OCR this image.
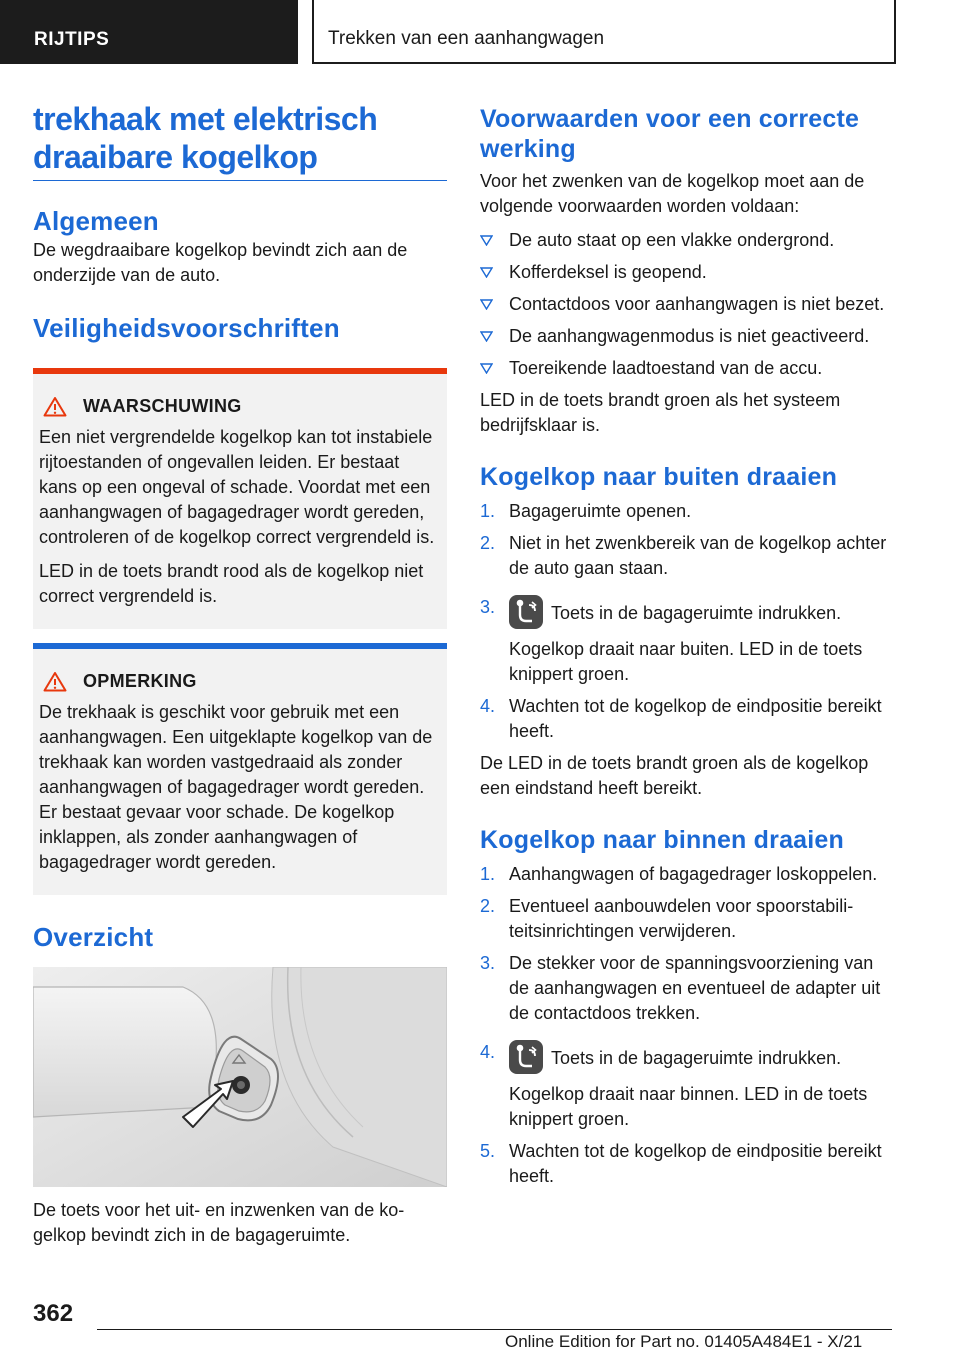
RIJTIPS	Trekken van een aanhangwagen
trekhaak met elektrisch
draaibare kogelkop
Algemeen

De wegdraaibare kogelkop bevindt zich aan de onderzijde van de auto.

Veiligheidsvoorschriften
WAARSCHUWING

Een niet vergrendelde kogelkop kan tot instabiele rijtoestanden of ongevallen leiden. Er bestaat kans op een ongeval of schade. Voordat met een aanhangwagen of bagagedrager wordt gereden, controleren of de kogelkop correct vergrendeld is.

LED in de toets brandt rood als de kogelkop niet correct vergrendeld is.

OPMERKING

De trekhaak is geschikt voor gebruik met een aanhangwagen. Een uitgeklapte kogelkop van de trekhaak kan worden vastgedraaid als zonder aanhangwagen of bagagedrager wordt gereden. Er bestaat gevaar voor schade. De kogelkop inklappen, als zonder aanhangwagen of bagagedrager wordt gereden.

Overzicht

De toets voor het uit- en inzwenken van de kogelkop bevindt zich in de bagageruimte.

Voorwaarden voor een correcte werking

Voor het zwenken van de kogelkop moet aan de volgende voorwaarden worden voldaan:

De auto staat op een vlakke ondergrond.
Kofferdeksel is geopend.
Contactdoos voor aanhangwagen is niet bezet.
De aanhangwagenmodus is niet geactiveerd.
Toereikende laadtoestand van de accu.

LED in de toets brandt groen als het systeem bedrijfsklaar is.

Kogelkop naar buiten draaien
1. Bagageruimte openen.
2. Niet in het zwenkbereik van de kogelkop achter de auto gaan staan.
3.	Toets in de bagageruimte indrukken.
Kogelkop draait naar buiten. LED in de toets knippert groen.
4. Wachten tot de kogelkop de eindpositie bereikt heeft.

De LED in de toets brandt groen als de kogelkop een eindstand heeft bereikt.

Kogelkop naar binnen draaien
1. Aanhangwagen of bagagedrager loskoppelen.
2. Eventueel aanbouwdelen voor spoorstabiliteitsinrichtingen verwijderen.
3. De stekker voor de spanningsvoorziening van de aanhangwagen en eventueel de adapter uit de contactdoos trekken.
4.	Toets in de bagageruimte indrukken.
Kogelkop draait naar binnen. LED in de toets knippert groen.
5. Wachten tot de kogelkop de eindpositie bereikt heeft.
362
Online Edition for Part no. 01405A484E1 - X/21
